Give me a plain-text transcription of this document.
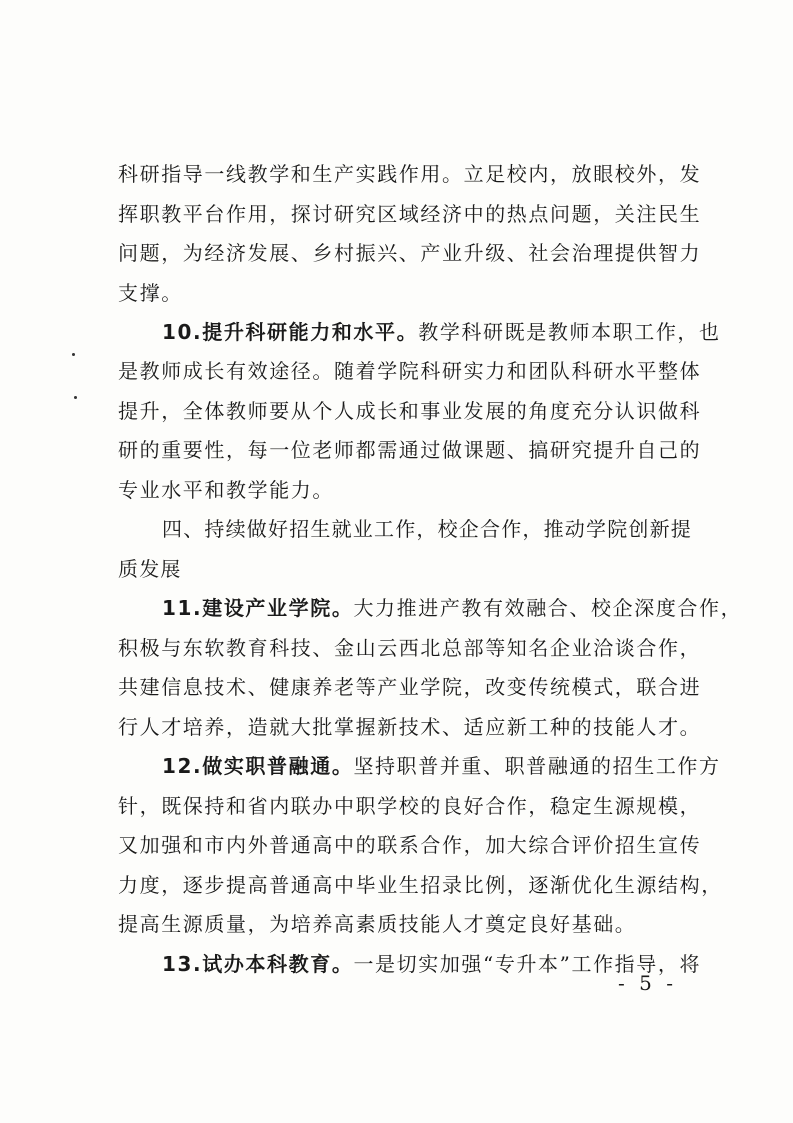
科研指导一线教学和生产实践作用。立足校内，放眼校外，发
挥职教平台作用，探讨研究区域经济中的热点问题，关注民生
问题，为经济发展、乡村振兴、产业升级、社会治理提供智力
支撑。
10.提升科研能力和水平。教学科研既是教师本职工作，也
是教师成长有效途径。随着学院科研实力和团队科研水平整体
提升，全体教师要从个人成长和事业发展的角度充分认识做科
研的重要性，每一位老师都需通过做课题、搞研究提升自己的
专业水平和教学能力。
四、持续做好招生就业工作，校企合作，推动学院创新提
质发展
11.建设产业学院。大力推进产教有效融合、校企深度合作，
积极与东软教育科技、金山云西北总部等知名企业洽谈合作，
共建信息技术、健康养老等产业学院，改变传统模式，联合进
行人才培养，造就大批掌握新技术、适应新工种的技能人才。
12.做实职普融通。坚持职普并重、职普融通的招生工作方
针，既保持和省内联办中职学校的良好合作，稳定生源规模，
又加强和市内外普通高中的联系合作，加大综合评价招生宣传
力度，逐步提高普通高中毕业生招录比例，逐渐优化生源结构，
提高生源质量，为培养高素质技能人才奠定良好基础。
13.试办本科教育。一是切实加强“专升本”工作指导，将
- 5 -
